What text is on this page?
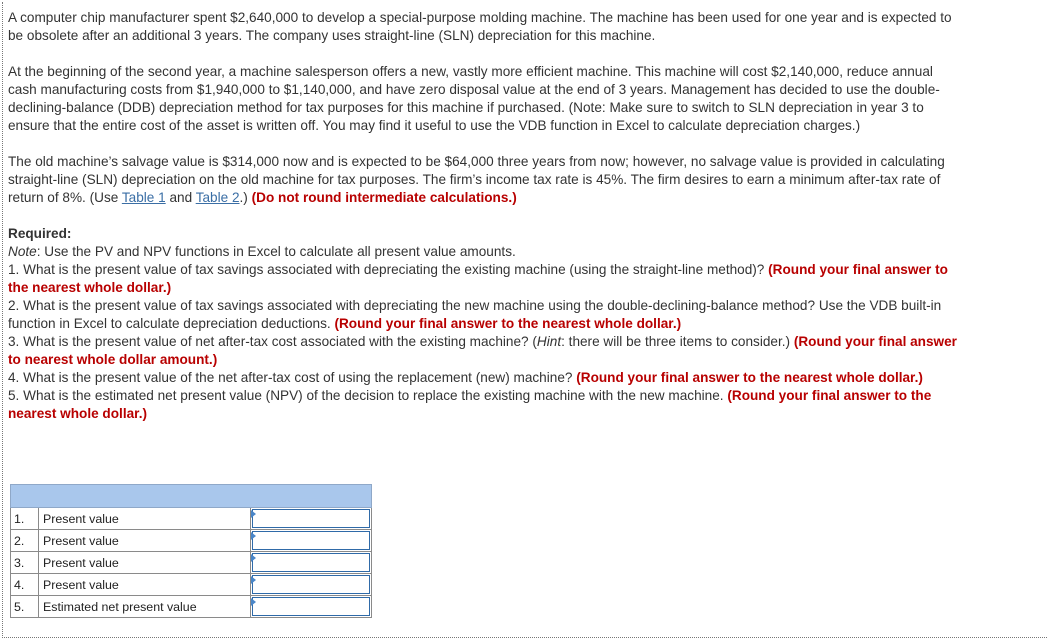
A computer chip manufacturer spent $2,640,000 to develop a special-purpose molding machine. The machine has been used for one year and is expected to be obsolete after an additional 3 years. The company uses straight-line (SLN) depreciation for this machine.

At the beginning of the second year, a machine salesperson offers a new, vastly more efficient machine. This machine will cost $2,140,000, reduce annual cash manufacturing costs from $1,940,000 to $1,140,000, and have zero disposal value at the end of 3 years. Management has decided to use the double-declining-balance (DDB) depreciation method for tax purposes for this machine if purchased. (Note: Make sure to switch to SLN depreciation in year 3 to ensure that the entire cost of the asset is written off. You may find it useful to use the VDB function in Excel to calculate depreciation charges.)

The old machine’s salvage value is $314,000 now and is expected to be $64,000 three years from now; however, no salvage value is provided in calculating straight-line (SLN) depreciation on the old machine for tax purposes. The firm’s income tax rate is 45%. The firm desires to earn a minimum after-tax rate of return of 8%. (Use Table 1 and Table 2.) (Do not round intermediate calculations.)

Required:

Note: Use the PV and NPV functions in Excel to calculate all present value amounts.

1. What is the present value of tax savings associated with depreciating the existing machine (using the straight-line method)? (Round your final answer to the nearest whole dollar.)

2. What is the present value of tax savings associated with depreciating the new machine using the double-declining-balance method? Use the VDB built-in function in Excel to calculate depreciation deductions. (Round your final answer to the nearest whole dollar.)

3. What is the present value of net after-tax cost associated with the existing machine? (Hint: there will be three items to consider.) (Round your final answer to nearest whole dollar amount.)

4. What is the present value of the net after-tax cost of using the replacement (new) machine? (Round your final answer to the nearest whole dollar.)

5. What is the estimated net present value (NPV) of the decision to replace the existing machine with the new machine. (Round your final answer to the nearest whole dollar.)

1.	Present value	

2.	Present value	

3.	Present value	

4.	Present value	

5.	Estimated net present value	
